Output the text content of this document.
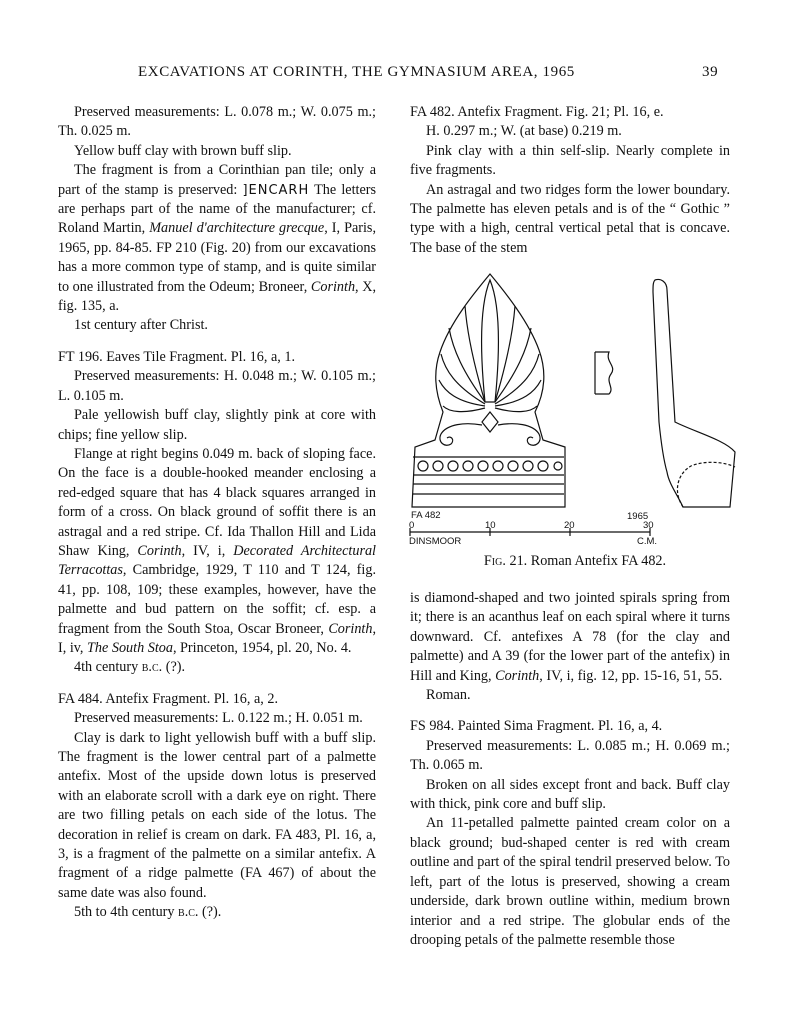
EXCAVATIONS AT CORINTH, THE GYMNASIUM AREA, 1965	39

Preserved measurements: L. 0.078 m.; W. 0.075 m.; Th. 0.025 m.

Yellow buff clay with brown buff slip.

The fragment is from a Corinthian pan tile; only a part of the stamp is preserved: ]ENCARH The letters are perhaps part of the name of the manufacturer; cf. Roland Martin, Manuel d'architecture grecque, I, Paris, 1965, pp. 84-85. FP 210 (Fig. 20) from our excavations has a more common type of stamp, and is quite similar to one illustrated from the Odeum; Broneer, Corinth, X, fig. 135, a.

1st century after Christ.

FT 196. Eaves Tile Fragment. Pl. 16, a, 1.

Preserved measurements: H. 0.048 m.; W. 0.105 m.; L. 0.105 m.

Pale yellowish buff clay, slightly pink at core with chips; fine yellow slip.

Flange at right begins 0.049 m. back of sloping face. On the face is a double-hooked meander enclosing a red-edged square that has 4 black squares arranged in form of a cross. On black ground of soffit there is an astragal and a red stripe. Cf. Ida Thallon Hill and Lida Shaw King, Corinth, IV, i, Decorated Architectural Terracottas, Cambridge, 1929, T 110 and T 124, fig. 41, pp. 108, 109; these examples, however, have the palmette and bud pattern on the soffit; cf. esp. a fragment from the South Stoa, Oscar Broneer, Corinth, I, iv, The South Stoa, Princeton, 1954, pl. 20, No. 4.

4th century b.c. (?).

FA 484. Antefix Fragment. Pl. 16, a, 2.

Preserved measurements: L. 0.122 m.; H. 0.051 m.

Clay is dark to light yellowish buff with a buff slip. The fragment is the lower central part of a palmette antefix. Most of the upside down lotus is preserved with an elaborate scroll with a dark eye on right. There are two filling petals on each side of the lotus. The decoration in relief is cream on dark. FA 483, Pl. 16, a, 3, is a fragment of the palmette on a similar antefix. A fragment of a ridge palmette (FA 467) of about the same date was also found.

5th to 4th century b.c. (?).

FA 482. Antefix Fragment. Fig. 21; Pl. 16, e.

H. 0.297 m.; W. (at base) 0.219 m.

Pink clay with a thin self-slip. Nearly complete in five fragments.

An astragal and two ridges form the lower boundary. The palmette has eleven petals and is of the “ Gothic ” type with a high, central vertical petal that is concave. The base of the stem

FA 482	1965
0	10	20	30
DINSMOOR	C.M.
Fig. 21. Roman Antefix FA 482.

is diamond-shaped and two jointed spirals spring from it; there is an acanthus leaf on each spiral where it turns downward. Cf. antefixes A 78 (for the clay and palmette) and A 39 (for the lower part of the antefix) in Hill and King, Corinth, IV, i, fig. 12, pp. 15-16, 51, 55.

Roman.

FS 984. Painted Sima Fragment. Pl. 16, a, 4.

Preserved measurements: L. 0.085 m.; H. 0.069 m.; Th. 0.065 m.

Broken on all sides except front and back. Buff clay with thick, pink core and buff slip.

An 11-petalled palmette painted cream color on a black ground; bud-shaped center is red with cream outline and part of the spiral tendril preserved below. To left, part of the lotus is preserved, showing a cream underside, dark brown outline within, medium brown interior and a red stripe. The globular ends of the drooping petals of the palmette resemble those
